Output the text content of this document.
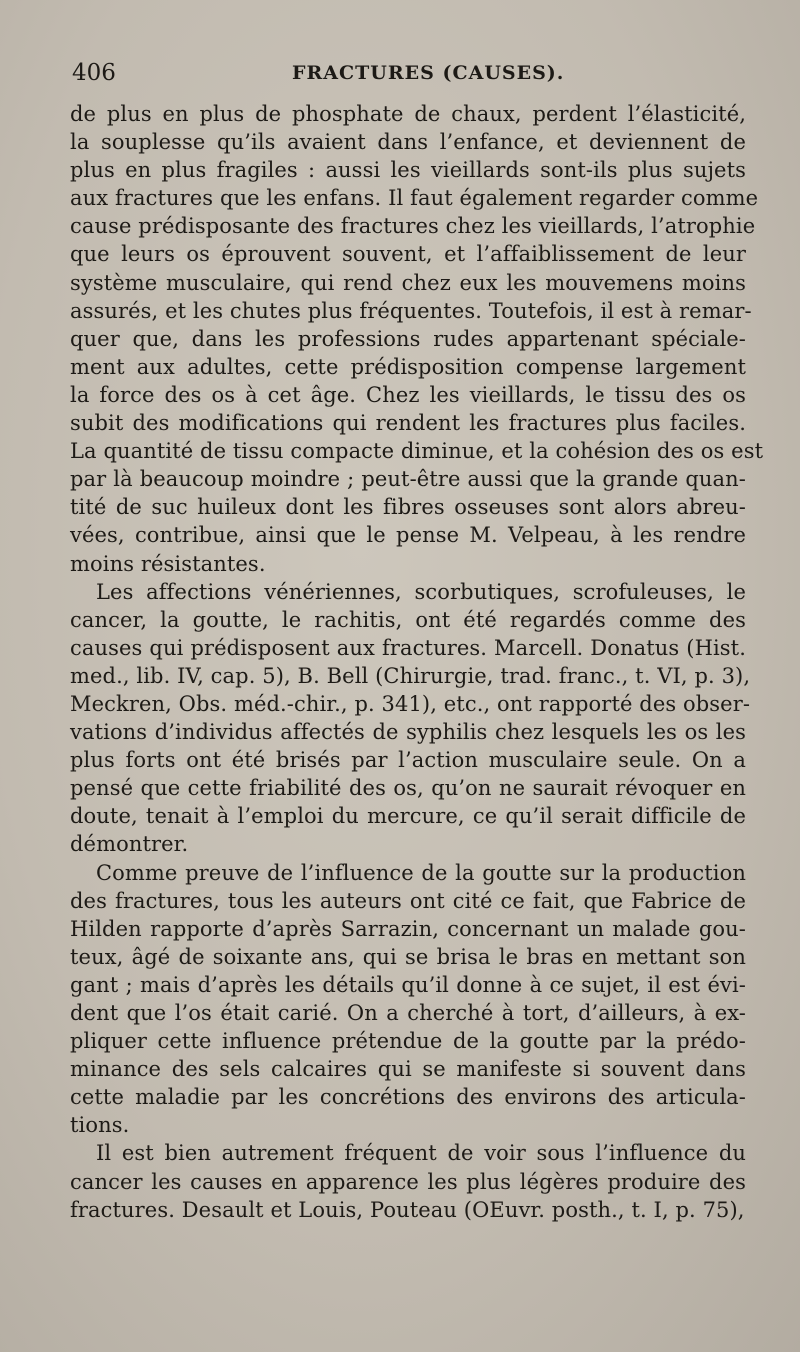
406	FRACTURES (CAUSES).
de plus en plus de phosphate de chaux, perdent l’élasticité,
la souplesse qu’ils avaient dans l’enfance, et deviennent de
plus en plus fragiles : aussi les vieillards sont-ils plus sujets
aux fractures que les enfans. Il faut également regarder comme
cause prédisposante des fractures chez les vieillards, l’atrophie
que leurs os éprouvent souvent, et l’affaiblissement de leur
système musculaire, qui rend chez eux les mouvemens moins
assurés, et les chutes plus fréquentes. Toutefois, il est à remar-
quer que, dans les professions rudes appartenant spéciale-
ment aux adultes, cette prédisposition compense largement
la force des os à cet âge. Chez les vieillards, le tissu des os
subit des modifications qui rendent les fractures plus faciles.
La quantité de tissu compacte diminue, et la cohésion des os est
par là beaucoup moindre ; peut-être aussi que la grande quan-
tité de suc huileux dont les fibres osseuses sont alors abreu-
vées, contribue, ainsi que le pense M. Velpeau, à les rendre
moins résistantes.
Les affections vénériennes, scorbutiques, scrofuleuses, le
cancer, la goutte, le rachitis, ont été regardés comme des
causes qui prédisposent aux fractures. Marcell. Donatus (Hist.
med., lib. IV, cap. 5), B. Bell (Chirurgie, trad. franc., t. VI, p. 3),
Meckren, Obs. méd.-chir., p. 341), etc., ont rapporté des obser-
vations d’individus affectés de syphilis chez lesquels les os les
plus forts ont été brisés par l’action musculaire seule. On a
pensé que cette friabilité des os, qu’on ne saurait révoquer en
doute, tenait à l’emploi du mercure, ce qu’il serait difficile de
démontrer.
Comme preuve de l’influence de la goutte sur la production
des fractures, tous les auteurs ont cité ce fait, que Fabrice de
Hilden rapporte d’après Sarrazin, concernant un malade gou-
teux, âgé de soixante ans, qui se brisa le bras en mettant son
gant ; mais d’après les détails qu’il donne à ce sujet, il est évi-
dent que l’os était carié. On a cherché à tort, d’ailleurs, à ex-
pliquer cette influence prétendue de la goutte par la prédo-
minance des sels calcaires qui se manifeste si souvent dans
cette maladie par les concrétions des environs des articula-
tions.
Il est bien autrement fréquent de voir sous l’influence du
cancer les causes en apparence les plus légères produire des
fractures. Desault et Louis, Pouteau (OEuvr. posth., t. I, p. 75),
